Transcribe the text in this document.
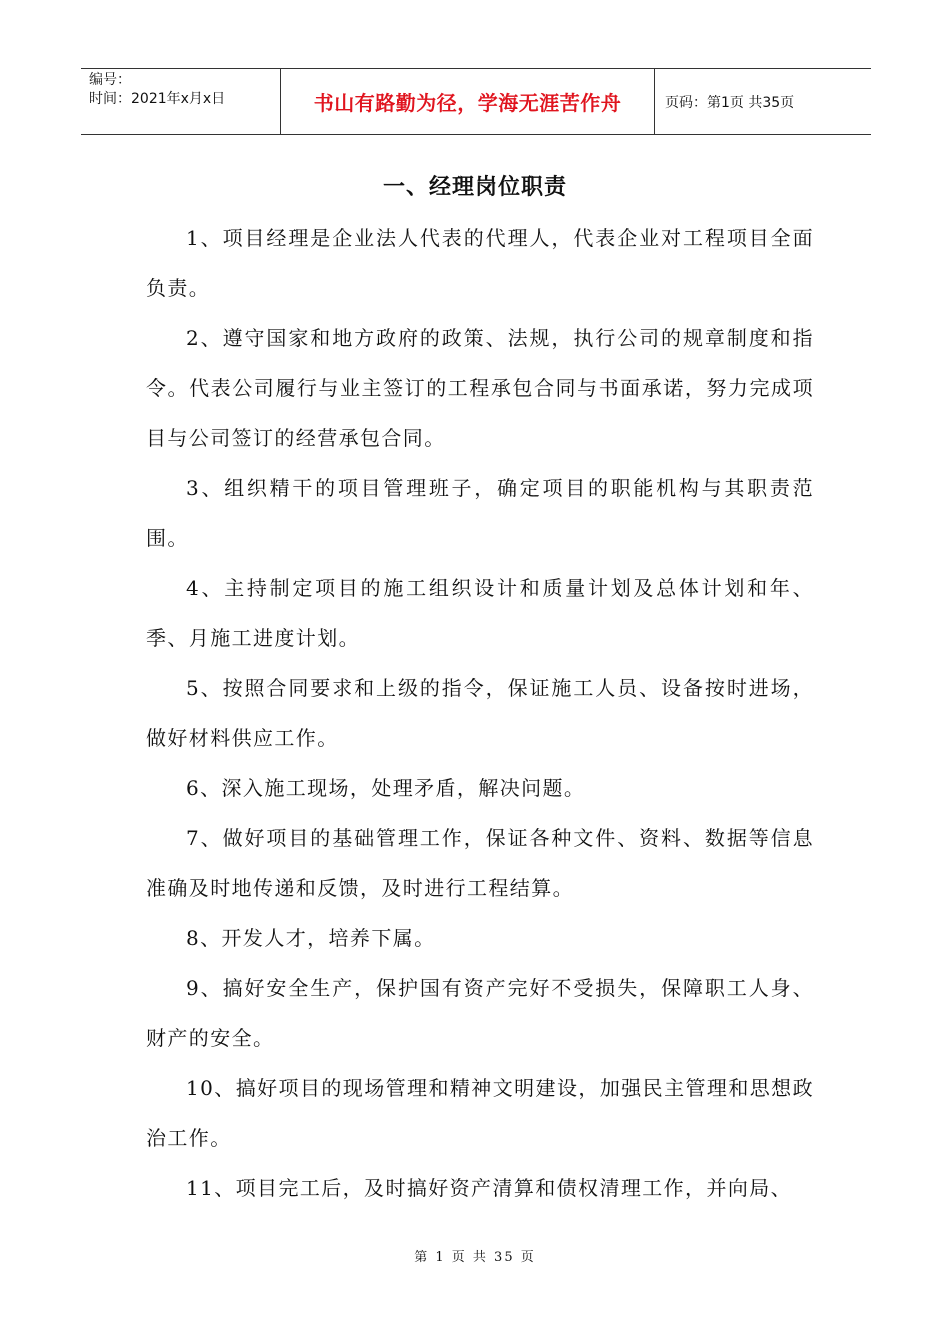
编号：
时间：2021年x月x日	书山有路勤为径，学海无涯苦作舟	页码：第1页 共35页
一、经理岗位职责

1、项目经理是企业法人代表的代理人，代表企业对工程项目全面负责。

2、遵守国家和地方政府的政策、法规，执行公司的规章制度和指令。代表公司履行与业主签订的工程承包合同与书面承诺，努力完成项目与公司签订的经营承包合同。

3、组织精干的项目管理班子，确定项目的职能机构与其职责范围。

4、主持制定项目的施工组织设计和质量计划及总体计划和年、季、月施工进度计划。

5、按照合同要求和上级的指令，保证施工人员、设备按时进场，做好材料供应工作。

6、深入施工现场，处理矛盾，解决问题。

7、做好项目的基础管理工作，保证各种文件、资料、数据等信息准确及时地传递和反馈，及时进行工程结算。

8、开发人才，培养下属。

9、搞好安全生产，保护国有资产完好不受损失，保障职工人身、财产的安全。

10、搞好项目的现场管理和精神文明建设，加强民主管理和思想政治工作。

11、项目完工后，及时搞好资产清算和债权清理工作，并向局、

第 1 页 共 35 页
